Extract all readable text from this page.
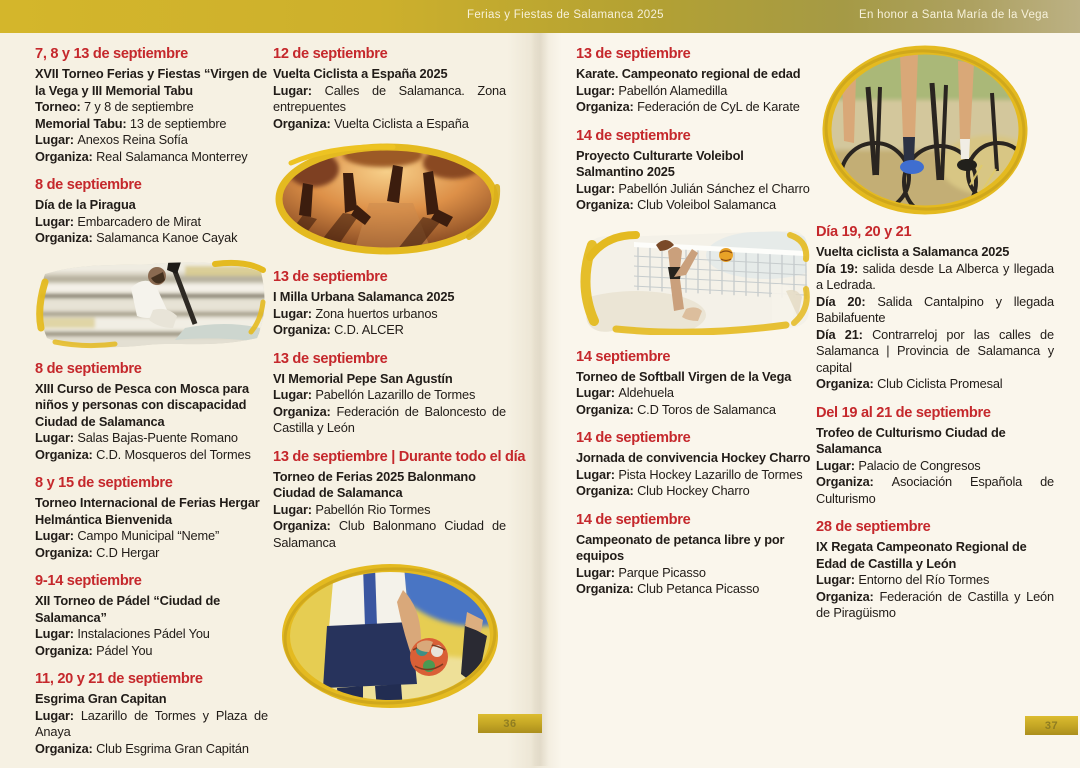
Ferias y Fiestas de Salamanca 2025	En honor a Santa María de la Vega
7, 8 y 13 de septiembre
XVII Torneo Ferias y Fiestas “Virgen de la Vega y III Memorial Tabu
Torneo: 7 y 8 de septiembre
Memorial Tabu: 13 de septiembre
Lugar: Anexos Reina Sofía
Organiza: Real Salamanca Monterrey
8 de septiembre
Día de la Piragua
Lugar: Embarcadero de Mirat
Organiza: Salamanca Kanoe Cayak
8 de septiembre
XIII Curso de Pesca con Mosca para niños y personas con discapacidad Ciudad de Salamanca
Lugar: Salas Bajas-Puente Romano
Organiza: C.D. Mosqueros del Tormes
8 y 15 de septiembre
Torneo Internacional de Ferias Hergar Helmántica Bienvenida
Lugar: Campo Municipal “Neme”
Organiza: C.D Hergar
9-14 septiembre
XII Torneo de Pádel “Ciudad de Salamanca”
Lugar: Instalaciones Pádel You
Organiza: Pádel You
11, 20 y 21 de septiembre
Esgrima Gran Capitan
Lugar: Lazarillo de Tormes y Plaza de Anaya
Organiza: Club Esgrima Gran Capitán
12 de septiembre
Vuelta Ciclista a España 2025
Lugar: Calles de Salamanca. Zona entrepuentes
Organiza: Vuelta Ciclista a España
13 de septiembre
I Milla Urbana Salamanca 2025
Lugar: Zona huertos urbanos
Organiza: C.D. ALCER
13 de septiembre
VI Memorial Pepe San Agustín
Lugar: Pabellón Lazarillo de Tormes
Organiza: Federación de Baloncesto de Castilla y León
13 de septiembre | Durante todo el día
Torneo de Ferias 2025 Balonmano Ciudad de Salamanca
Lugar: Pabellón Rio Tormes
Organiza: Club Balonmano Ciudad de Salamanca
13 de septiembre
Karate. Campeonato regional de edad
Lugar: Pabellón Alamedilla
Organiza: Federación de CyL de Karate
14 de septiembre
Proyecto Culturarte Voleibol Salmantino 2025
Lugar: Pabellón Julián Sánchez el Charro
Organiza: Club Voleibol Salamanca
14 septiembre
Torneo de Softball Virgen de la Vega
Lugar: Aldehuela
Organiza: C.D Toros de Salamanca
14 de septiembre
Jornada de convivencia Hockey Charro
Lugar: Pista Hockey Lazarillo de Tormes
Organiza: Club Hockey Charro
14 de septiembre
Campeonato de petanca libre y por equipos
Lugar: Parque Picasso
Organiza: Club Petanca Picasso
Día 19, 20 y 21
Vuelta ciclista a Salamanca 2025
Día 19: salida desde La Alberca y llegada a Ledrada.
Día 20: Salida Cantalpino y llegada Babilafuente
Día 21: Contrarreloj por las calles de Salamanca | Provincia de Salamanca y capital
Organiza: Club Ciclista Promesal
Del 19 al 21 de septiembre
Trofeo de Culturismo Ciudad de Salamanca
Lugar: Palacio de Congresos
Organiza: Asociación Española de Culturismo
28 de septiembre
IX Regata Campeonato Regional de Edad de Castilla y León
Lugar: Entorno del Río Tormes
Organiza: Federación de Castilla y León de Piragüismo
36	37
